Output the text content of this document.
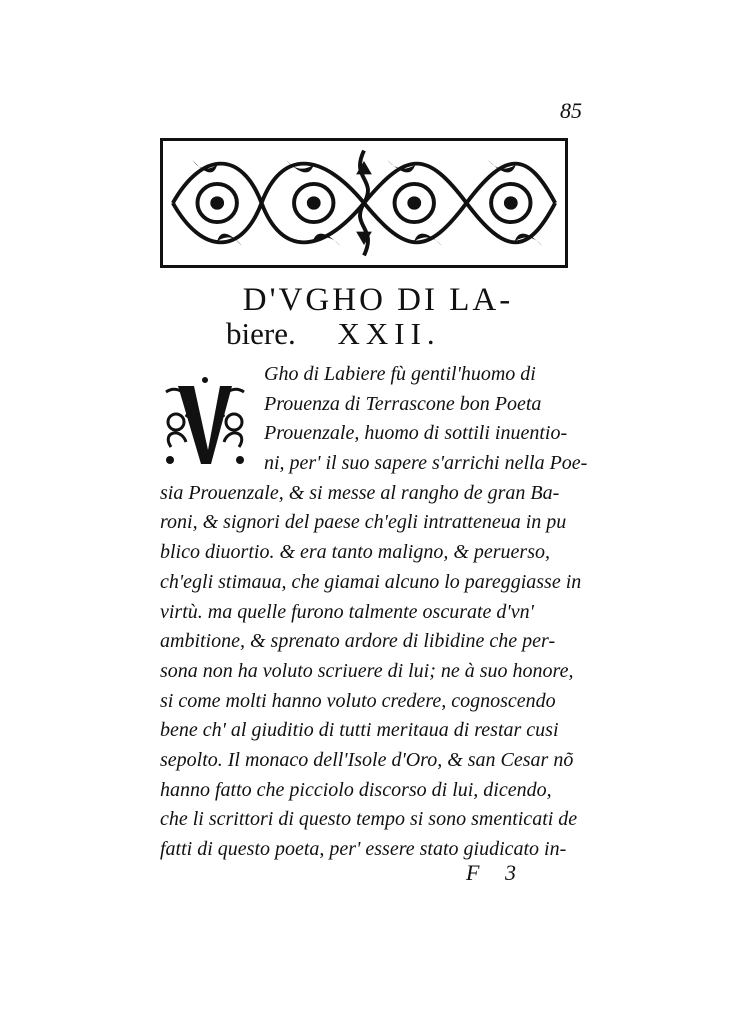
85
D'VGHO DI LA-
biere. XXII.
V
Gho di Labiere fù gentil'huomo di
Prouenza di Terrascone bon Poeta
Prouenzale, huomo di sottili inuentio-
ni, per' il suo sapere s'arrichi nella Poe-
sia Prouenzale, & si messe al rangho de gran Ba-
roni, & signori del paese ch'egli intratteneua in pu
blico diuortio. & era tanto maligno, & peruerso,
ch'egli stimaua, che giamai alcuno lo pareggiasse in
virtù. ma quelle furono talmente oscurate d'vn'
ambitione, & sprenato ardore di libidine che per-
sona non ha voluto scriuere di lui; ne à suo honore,
si come molti hanno voluto credere, cognoscendo
bene ch' al giuditio di tutti meritaua di restar cusi
sepolto. Il monaco dell'Isole d'Oro, & san Cesar nõ
hanno fatto che picciolo discorso di lui, dicendo,
che li scrittori di questo tempo si sono smenticati de
fatti di questo poeta, per' essere stato giudicato in-
F 3
